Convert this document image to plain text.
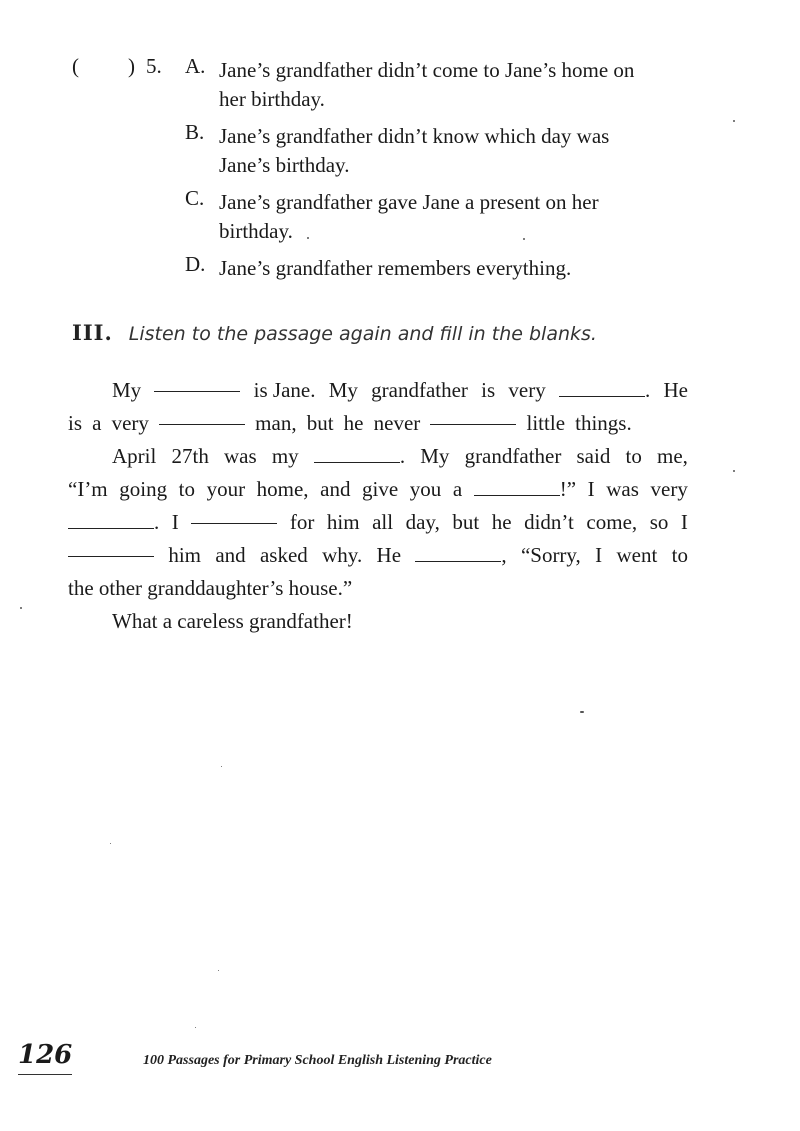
( ) 5. A. Jane’s grandfather didn’t come to Jane’s home on
her birthday.
B. Jane’s grandfather didn’t know which day was
Jane’s birthday.
C. Jane’s grandfather gave Jane a present on her
birthday.
D. Jane’s grandfather remembers everything.
III. Listen to the passage again and fill in the blanks.
My	is Jane. My grandfather is very	. He
is a very	man, but he never	little things.
April 27th was my	. My grandfather said to me,
“I’m going to your home, and give you a	!” I was very
. I	for him all day, but he didn’t come, so I
him and asked why. He	, “Sorry, I went to
the other granddaughter’s house.”
What a careless grandfather!
126	100 Passages for Primary School English Listening Practice
